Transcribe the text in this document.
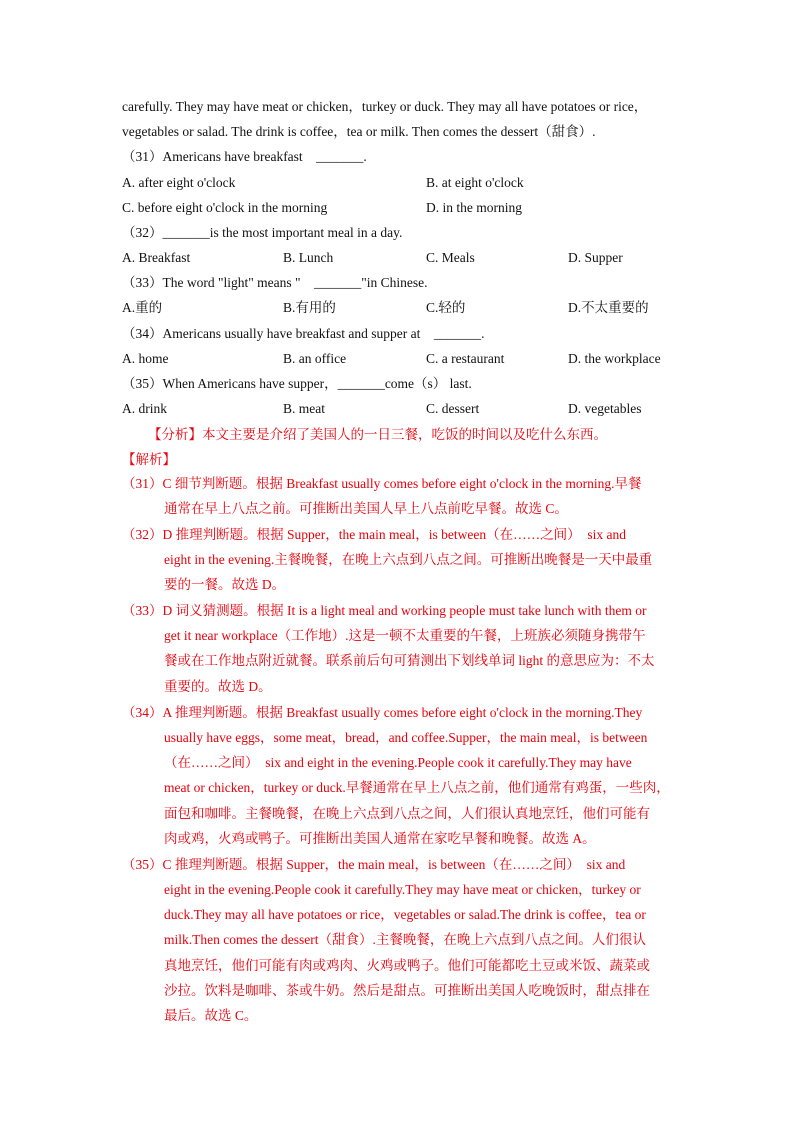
carefully. They may have meat or chicken，turkey or duck. They may all have potatoes or rice，
vegetables or salad. The drink is coffee，tea or milk. Then comes the dessert（甜食）.
（31）Americans have breakfast　_______.
A. after eight o'clock	B. at eight o'clock
C. before eight o'clock in the morning	D. in the morning
（32）_______is the most important meal in a day.
A. Breakfast	B. Lunch	C. Meals	D. Supper
（33）The word "light" means "　_______"in Chinese.
A.重的	B.有用的	C.轻的	D.不太重要的
（34）Americans usually have breakfast and supper at　_______.
A. home	B. an office	C. a restaurant	D. the workplace
（35）When Americans have supper，_______come（s） last.
A. drink	B. meat	C. dessert	D. vegetables
【分析】本文主要是介绍了美国人的一日三餐，吃饭的时间以及吃什么东西。
【解析】
（31）C 细节判断题。根据 Breakfast usually comes before eight o'clock in the morning.早餐
通常在早上八点之前。可推断出美国人早上八点前吃早餐。故选 C。
（32）D 推理判断题。根据 Supper，the main meal，is between（在……之间）　six and
eight in the evening.主餐晚餐，在晚上六点到八点之间。可推断出晚餐是一天中最重
要的一餐。故选 D。
（33）D 词义猜测题。根据 It is a light meal and working people must take lunch with them or
get it near workplace（工作地）.这是一顿不太重要的午餐，上班族必须随身携带午
餐或在工作地点附近就餐。联系前后句可猜测出下划线单词 light 的意思应为：不太
重要的。故选 D。
（34）A 推理判断题。根据 Breakfast usually comes before eight o'clock in the morning.They
usually have eggs，some meat，bread，and coffee.Supper，the main meal，is between
（在……之间）　six and eight in the evening.People cook it carefully.They may have
meat or chicken，turkey or duck.早餐通常在早上八点之前，他们通常有鸡蛋，一些肉，
面包和咖啡。主餐晚餐，在晚上六点到八点之间，人们很认真地烹饪，他们可能有
肉或鸡，火鸡或鸭子。可推断出美国人通常在家吃早餐和晚餐。故选 A。
（35）C 推理判断题。根据 Supper，the main meal，is between（在……之间）　six and
eight in the evening.People cook it carefully.They may have meat or chicken，turkey or
duck.They may all have potatoes or rice，vegetables or salad.The drink is coffee，tea or
milk.Then comes the dessert（甜食）.主餐晚餐，在晚上六点到八点之间。人们很认
真地烹饪，他们可能有肉或鸡肉、火鸡或鸭子。他们可能都吃土豆或米饭、蔬菜或
沙拉。饮料是咖啡、茶或牛奶。然后是甜点。可推断出美国人吃晚饭时，甜点排在
最后。故选 C。
